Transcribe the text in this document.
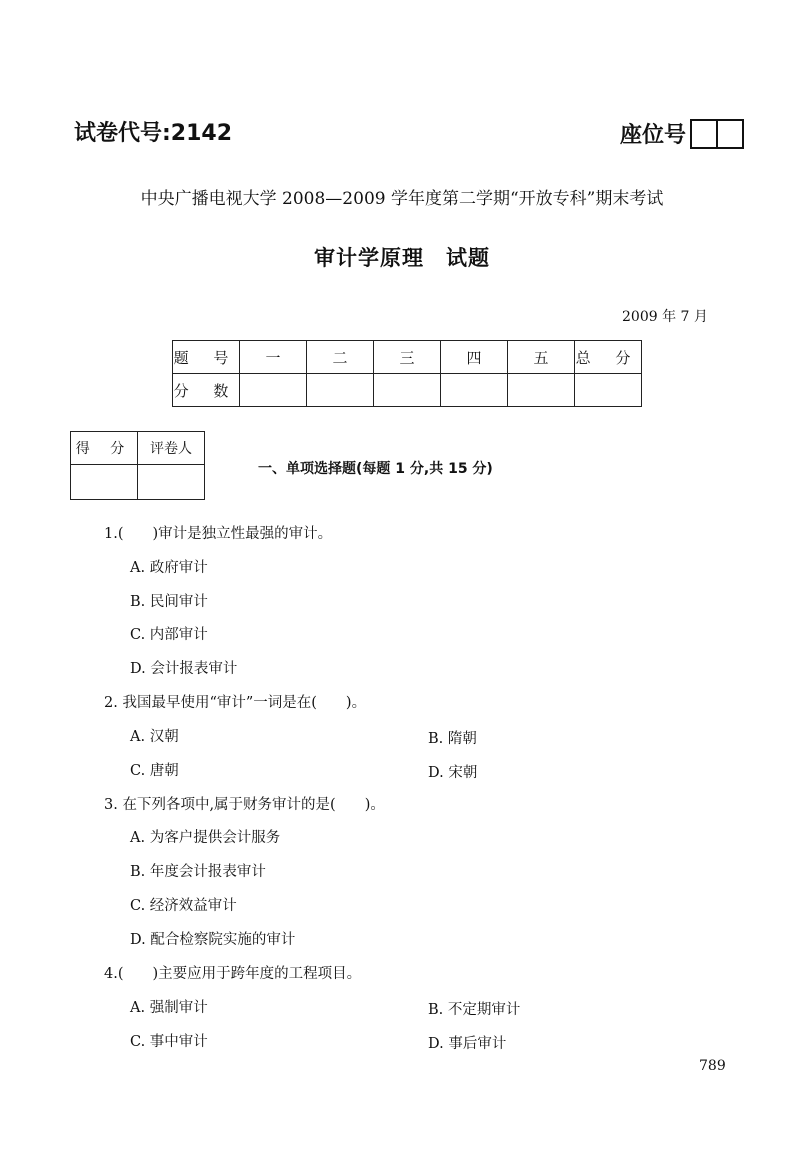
试卷代号:2142	座位号
中央广播电视大学 2008—2009 学年度第二学期“开放专科”期末考试
审计学原理　试题
2009 年 7 月
题 号	一	二	三	四	五	总 分
分 数						
得 分	评卷人

一、单项选择题(每题 1 分,共 15 分)
1.(　　)审计是独立性最强的审计。
A. 政府审计
B. 民间审计
C. 内部审计
D. 会计报表审计
2. 我国最早使用“审计”一词是在(　　)。
A. 汉朝	B. 隋朝
C. 唐朝	D. 宋朝
3. 在下列各项中,属于财务审计的是(　　)。
A. 为客户提供会计服务
B. 年度会计报表审计
C. 经济效益审计
D. 配合检察院实施的审计
4.(　　)主要应用于跨年度的工程项目。
A. 强制审计	B. 不定期审计
C. 事中审计	D. 事后审计
789
